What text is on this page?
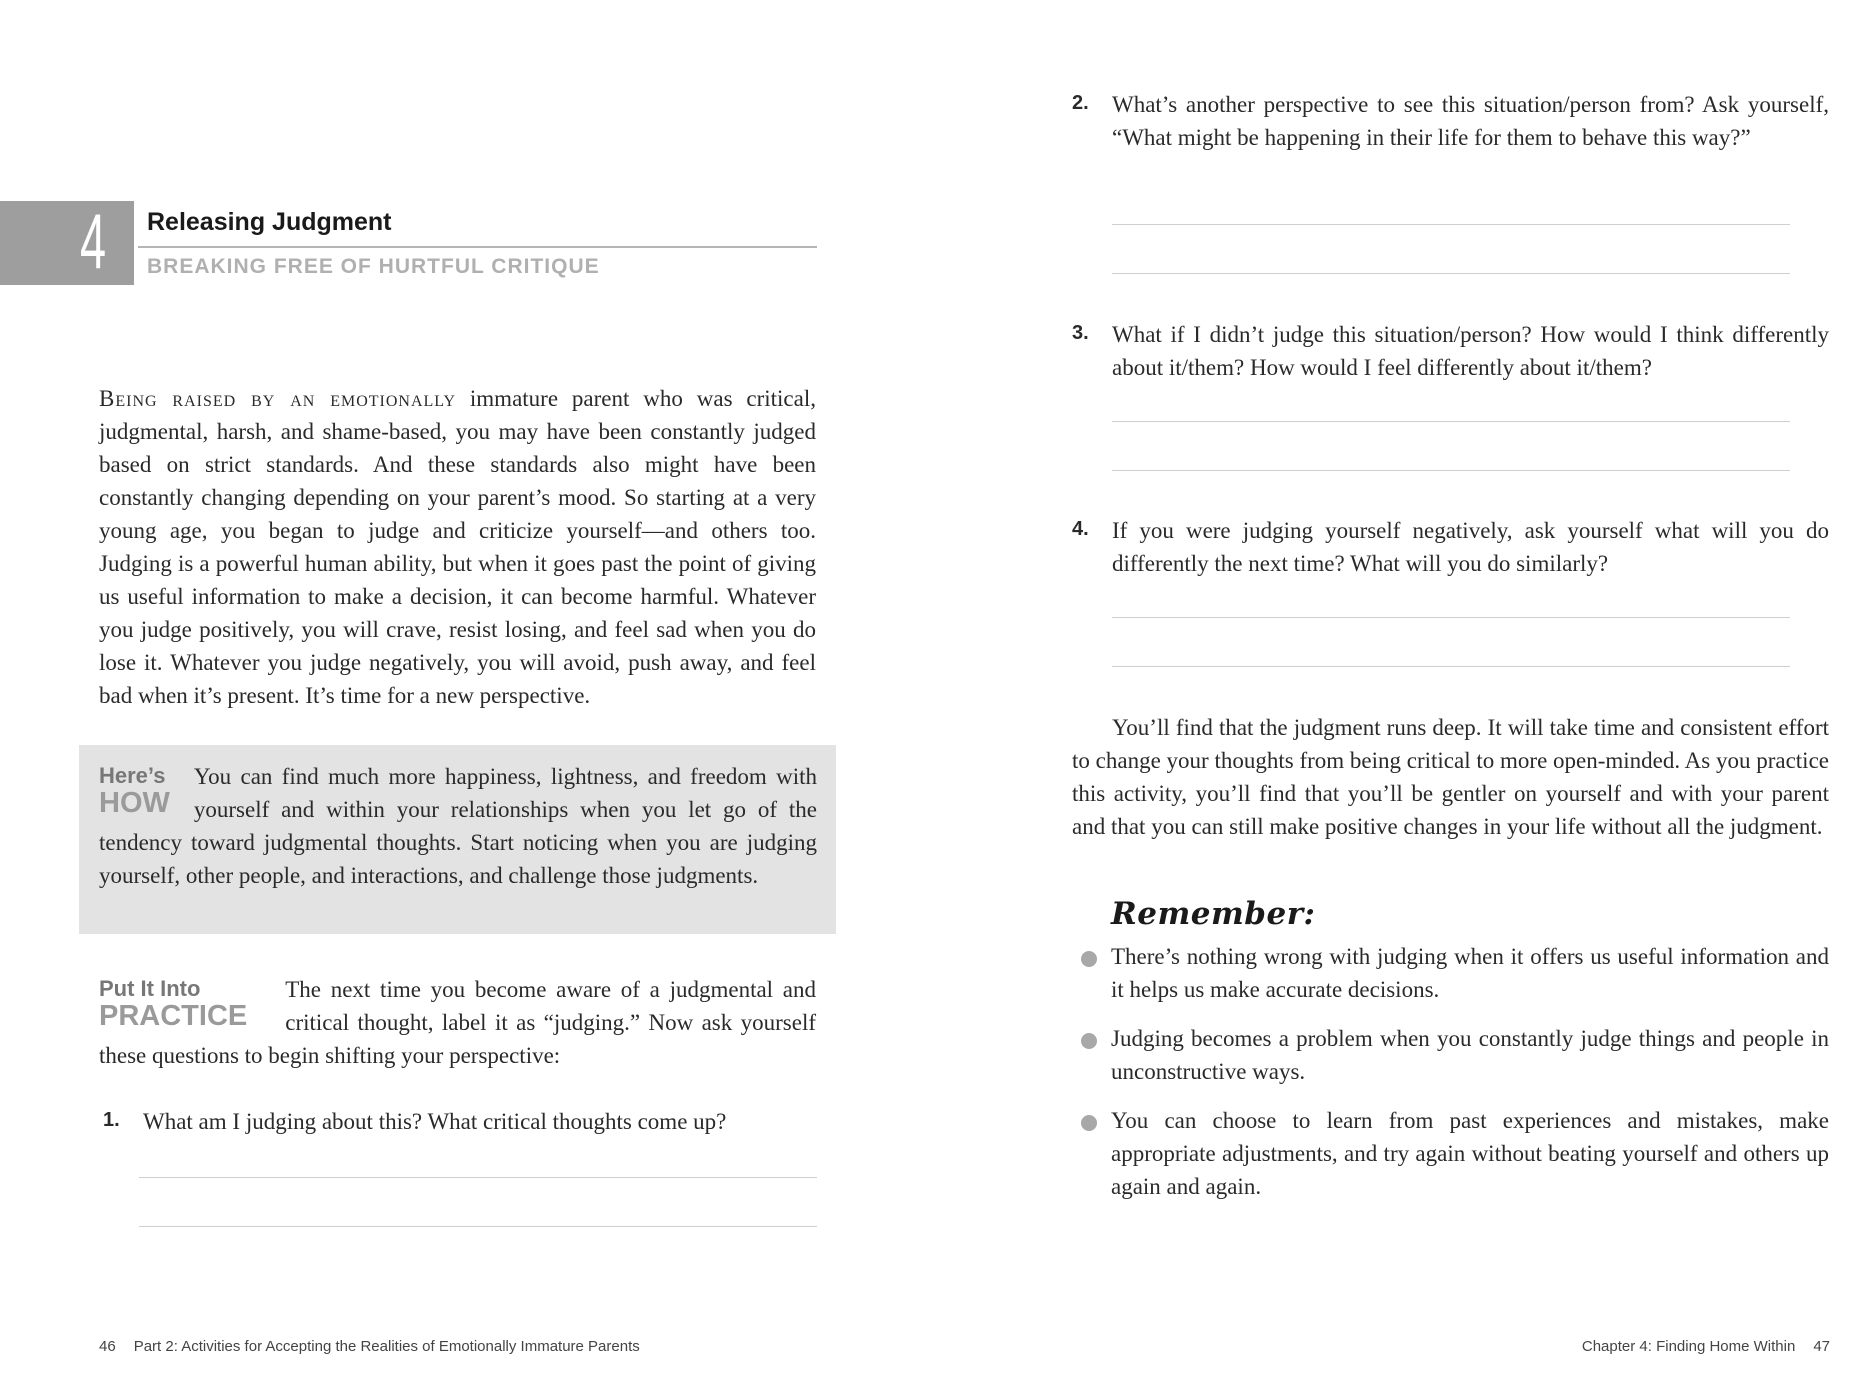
4 Releasing Judgment
BREAKING FREE OF HURTFUL CRITIQUE

Being raised by an emotionally immature parent who was critical, judgmental, harsh, and shame-based, you may have been constantly judged based on strict standards. And these standards also might have been constantly changing depending on your parent’s mood. So starting at a very young age, you began to judge and criticize yourself—and others too. Judging is a powerful human ability, but when it goes past the point of giving us useful information to make a decision, it can become harmful. Whatever you judge positively, you will crave, resist losing, and feel sad when you do lose it. Whatever you judge negatively, you will avoid, push away, and feel bad when it’s present. It’s time for a new perspective.

Here’s
HOW
You can find much more happiness, lightness, and freedom with yourself and within your relationships when you let go of the tendency toward judgmental thoughts. Start noticing when you are judging yourself, other people, and interactions, and challenge those judgments.
Put It Into
PRACTICE
The next time you become aware of a judgmental and critical thought, label it as “judging.” Now ask yourself these questions to begin shifting your perspective:
1.	What am I judging about this? What critical thoughts come up?
46 Part 2: Activities for Accepting the Realities of Emotionally Immature Parents
2.	What’s another perspective to see this situation/person from? Ask yourself, “What might be happening in their life for them to behave this way?”
3.	What if I didn’t judge this situation/person? How would I think differently about it/them? How would I feel differently about it/them?
4.	If you were judging yourself negatively, ask yourself what will you do differently the next time? What will you do similarly?

You’ll find that the judgment runs deep. It will take time and consistent effort to change your thoughts from being critical to more open-minded. As you practice this activity, you’ll find that you’ll be gentler on yourself and with your parent and that you can still make positive changes in your life without all the judgment.

Remember:
There’s nothing wrong with judging when it offers us useful information and it helps us make accurate decisions.
Judging becomes a problem when you constantly judge things and people in unconstructive ways.
You can choose to learn from past experiences and mistakes, make appropriate adjustments, and try again without beating yourself and others up again and again.
Chapter 4: Finding Home Within 47
